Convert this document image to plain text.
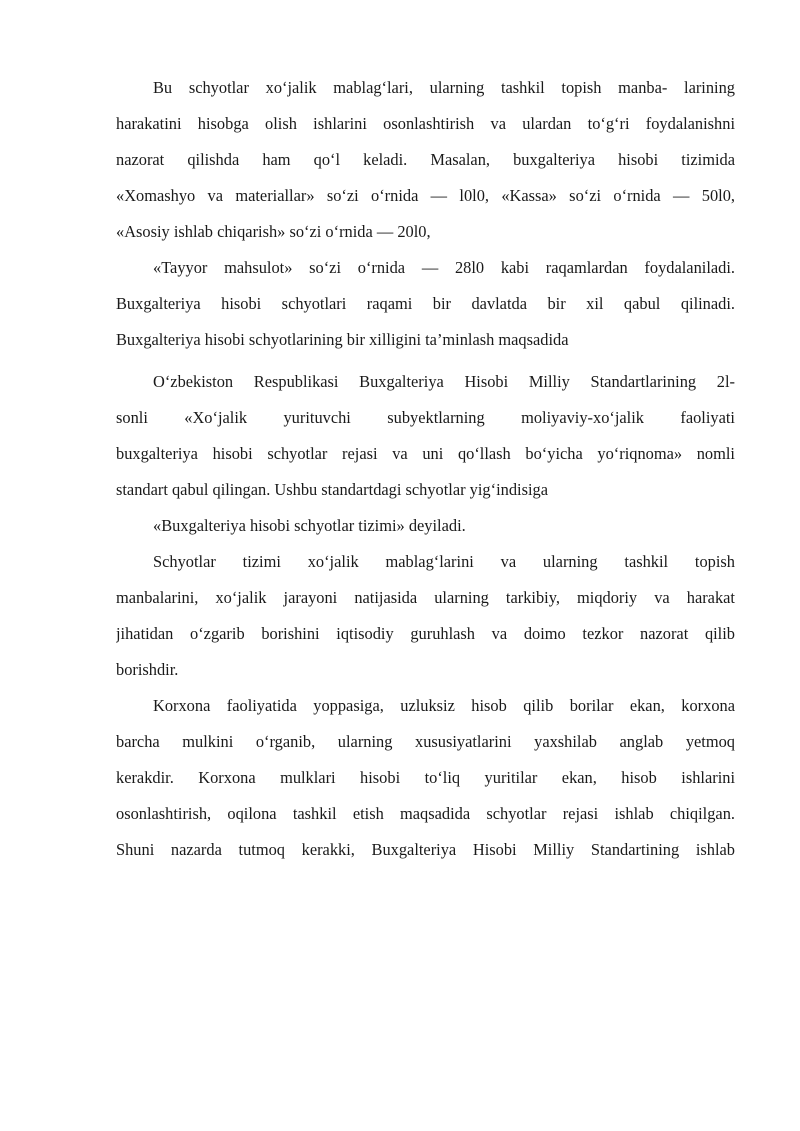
Bu schyotlar xo‘jalik mablag‘lari, ularning tashkil topish manba- larining
harakatini hisobga olish ishlarini osonlashtirish va ulardan to‘g‘ri foydalanishni
nazorat qilishda ham qo‘l keladi. Masalan, buxgalteriya hisobi tizimida
«Xomashyo va materiallar» so‘zi o‘rnida — l0l0, «Kassa» so‘zi o‘rnida — 50l0,
«Asosiy ishlab chiqarish» so‘zi o‘rnida — 20l0,
«Tayyor mahsulot» so‘zi o‘rnida — 28l0 kabi raqamlardan foydalaniladi.
Buxgalteriya hisobi schyotlari raqami bir davlatda bir xil qabul qilinadi.
Buxgalteriya hisobi schyotlarining bir xilligini ta’minlash maqsadida
O‘zbekiston Respublikasi Buxgalteriya Hisobi Milliy Standartlarining 2l-
sonli «Xo‘jalik yurituvchi subyektlarning moliyaviy-xo‘jalik faoliyati
buxgalteriya hisobi schyotlar rejasi va uni qo‘llash bo‘yicha yo‘riqnoma» nomli
standart qabul qilingan. Ushbu standartdagi schyotlar yig‘indisiga
«Buxgalteriya hisobi schyotlar tizimi» deyiladi.
Schyotlar tizimi xo‘jalik mablag‘larini va ularning tashkil topish
manbalarini, xo‘jalik jarayoni natijasida ularning tarkibiy, miqdoriy va harakat
jihatidan o‘zgarib borishini iqtisodiy guruhlash va doimo tezkor nazorat qilib
borishdir.
Korxona faoliyatida yoppasiga, uzluksiz hisob qilib borilar ekan, korxona
barcha mulkini o‘rganib, ularning xususiyatlarini yaxshilab anglab yetmoq
kerakdir. Korxona mulklari hisobi to‘liq yuritilar ekan, hisob ishlarini
osonlashtirish, oqilona tashkil etish maqsadida schyotlar rejasi ishlab chiqilgan.
Shuni nazarda tutmoq kerakki, Buxgalteriya Hisobi Milliy Standartining ishlab
